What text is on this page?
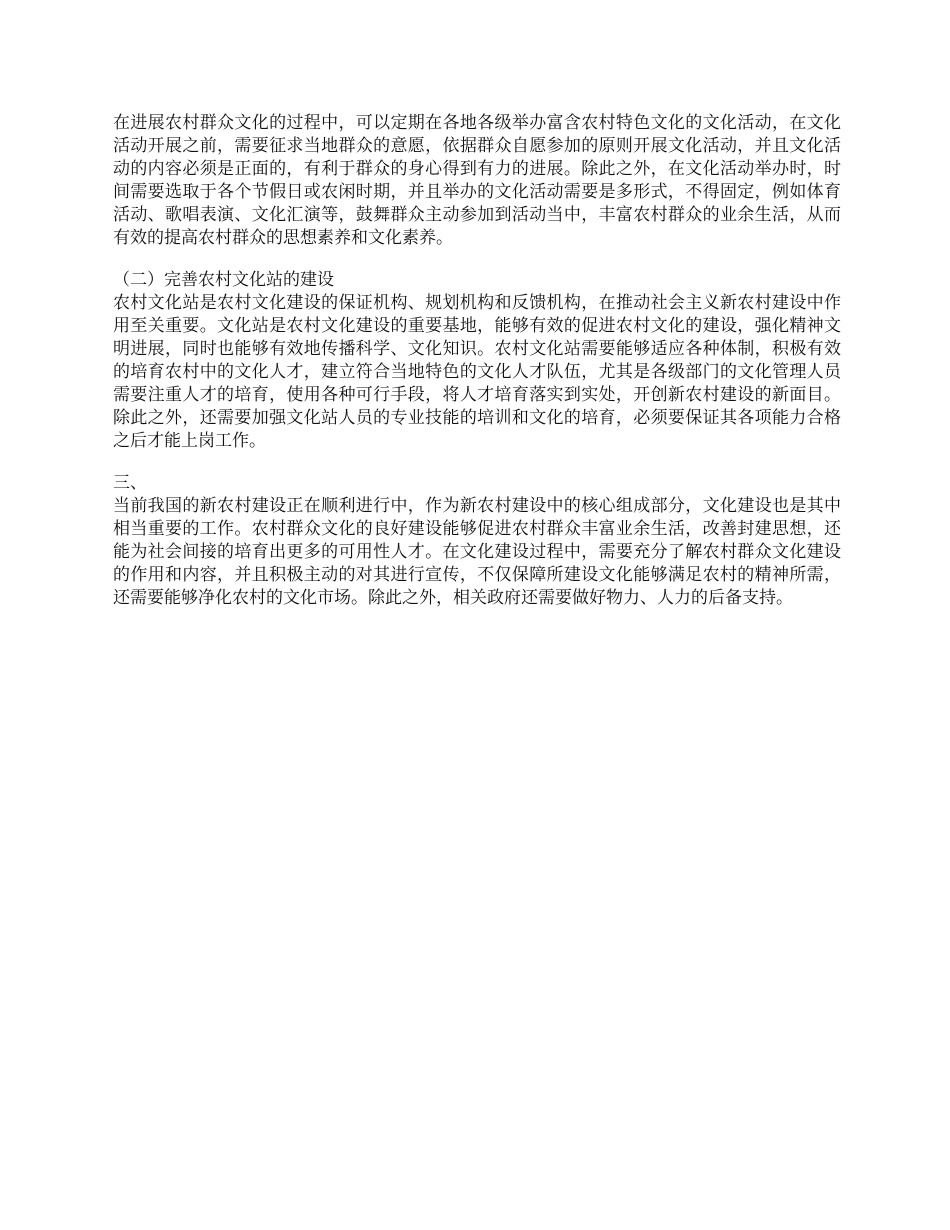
在进展农村群众文化的过程中，可以定期在各地各级举办富含农村特色文化的文化活动，在文化活动开展之前，需要征求当地群众的意愿，依据群众自愿参加的原则开展文化活动，并且文化活动的内容必须是正面的，有利于群众的身心得到有力的进展。除此之外，在文化活动举办时，时间需要选取于各个节假日或农闲时期，并且举办的文化活动需要是多形式，不得固定，例如体育活动、歌唱表演、文化汇演等，鼓舞群众主动参加到活动当中，丰富农村群众的业余生活，从而有效的提高农村群众的思想素养和文化素养。

（二）完善农村文化站的建设

农村文化站是农村文化建设的保证机构、规划机构和反馈机构，在推动社会主义新农村建设中作用至关重要。文化站是农村文化建设的重要基地，能够有效的促进农村文化的建设，强化精神文明进展，同时也能够有效地传播科学、文化知识。农村文化站需要能够适应各种体制，积极有效的培育农村中的文化人才，建立符合当地特色的文化人才队伍，尤其是各级部门的文化管理人员需要注重人才的培育，使用各种可行手段，将人才培育落实到实处，开创新农村建设的新面目。除此之外，还需要加强文化站人员的专业技能的培训和文化的培育，必须要保证其各项能力合格之后才能上岗工作。

三、

当前我国的新农村建设正在顺利进行中，作为新农村建设中的核心组成部分，文化建设也是其中相当重要的工作。农村群众文化的良好建设能够促进农村群众丰富业余生活，改善封建思想，还能为社会间接的培育出更多的可用性人才。在文化建设过程中，需要充分了解农村群众文化建设的作用和内容，并且积极主动的对其进行宣传，不仅保障所建设文化能够满足农村的精神所需，还需要能够净化农村的文化市场。除此之外，相关政府还需要做好物力、人力的后备支持。
